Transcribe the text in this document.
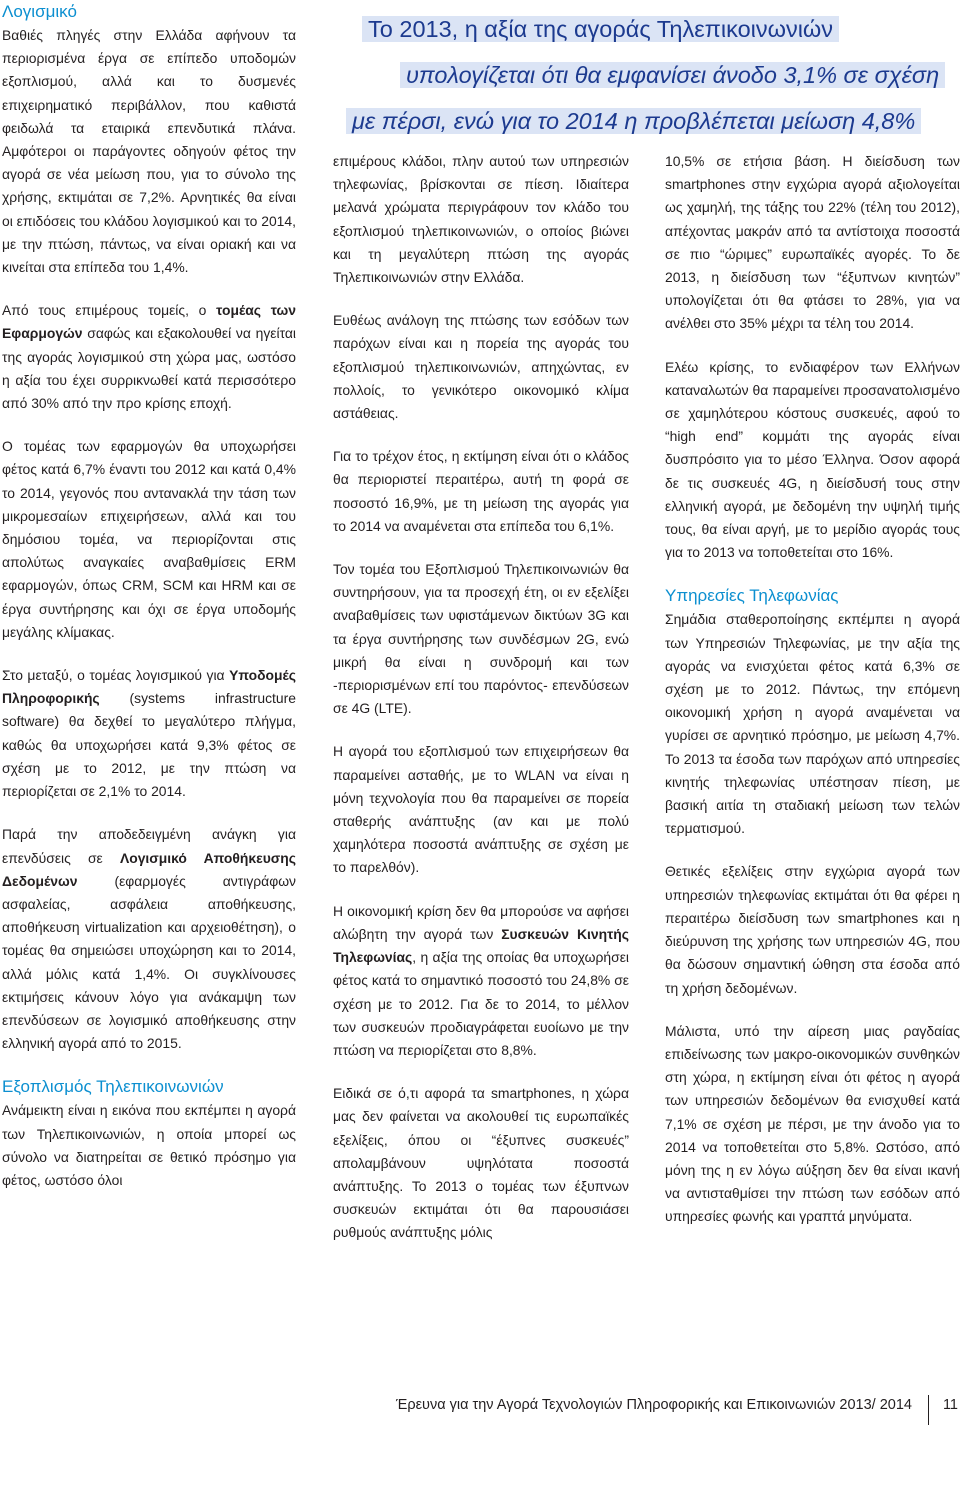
Το 2013, η αξία της αγοράς Τηλεπικοινωνιών
υπολογίζεται ότι θα εμφανίσει άνοδο 3,1% σε σχέση
με πέρσι, ενώ για το 2014 η προβλέπεται μείωση 4,8%
Λογισμικό

Βαθιές πληγές στην Ελλάδα αφήνουν τα περιορισμένα έργα σε επίπεδο υποδομών εξοπλισμού, αλλά και το δυσμενές επιχειρηματικό περιβάλλον, που καθιστά φειδωλά τα εταιρικά επενδυτικά πλάνα. Αμφότεροι οι παράγοντες οδηγούν φέτος την αγορά σε νέα μείωση που, για το σύνολο της χρήσης, εκτιμάται σε 7,2%. Αρνητικές θα είναι οι επιδόσεις του κλάδου λογισμικού και το 2014, με την πτώση, πάντως, να είναι οριακή και να κινείται στα επίπεδα του 1,4%.

Από τους επιμέρους τομείς, ο τομέας των Εφαρμογών σαφώς και εξακολουθεί να ηγείται της αγοράς λογισμικού στη χώρα μας, ωστόσο η αξία του έχει συρρικνωθεί κατά περισσότερο από 30% από την προ κρίσης εποχή.

Ο τομέας των εφαρμογών θα υποχωρήσει φέτος κατά 6,7% έναντι του 2012 και κατά 0,4% το 2014, γεγονός που αντανακλά την τάση των μικρομεσαίων επιχειρήσεων, αλλά και του δημόσιου τομέα, να περιορίζονται στις απολύτως αναγκαίες αναβαθμίσεις ERM εφαρμογών, όπως CRM, SCM και HRM και σε έργα συντήρησης και όχι σε έργα υποδομής μεγάλης κλίμακας.

Στο μεταξύ, ο τομέας λογισμικού για Υποδομές Πληροφορικής (systems infrastructure software) θα δεχθεί το μεγαλύτερο πλήγμα, καθώς θα υποχωρήσει κατά 9,3% φέτος σε σχέση με το 2012, με την πτώση να περιορίζεται σε 2,1% το 2014.

Παρά την αποδεδειγμένη ανάγκη για επενδύσεις σε Λογισμικό Αποθήκευσης Δεδομένων (εφαρμογές αντιγράφων ασφαλείας, ασφάλεια αποθήκευσης, αποθήκευση virtualization και αρχειοθέτηση), ο τομέας θα σημειώσει υποχώρηση και το 2014, αλλά μόλις κατά 1,4%. Οι συγκλίνουσες εκτιμήσεις κάνουν λόγο για ανάκαμψη των επενδύσεων σε λογισμικό αποθήκευσης στην ελληνική αγορά από το 2015.

Εξοπλισμός Τηλεπικοινωνιών

Ανάμεικτη είναι η εικόνα που εκπέμπει η αγορά των Τηλεπικοινωνιών, η οποία μπορεί ως σύνολο να διατηρείται σε θετικό πρόσημο για φέτος, ωστόσο όλοι

επιμέρους κλάδοι, πλην αυτού των υπηρεσιών τηλεφωνίας, βρίσκονται σε πίεση. Ιδιαίτερα μελανά χρώματα περιγράφουν τον κλάδο του εξοπλισμού τηλεπικοινωνιών, ο οποίος βιώνει και τη μεγαλύτερη πτώση της αγοράς Τηλεπικοινωνιών στην Ελλάδα.

Ευθέως ανάλογη της πτώσης των εσόδων των παρόχων είναι και η πορεία της αγοράς του εξοπλισμού τηλεπικοινωνιών, απηχώντας, εν πολλοίς, το γενικότερο οικονομικό κλίμα αστάθειας.

Για το τρέχον έτος, η εκτίμηση είναι ότι ο κλάδος θα περιοριστεί περαιτέρω, αυτή τη φορά σε ποσοστό 16,9%, με τη μείωση της αγοράς για το 2014 να αναμένεται στα επίπεδα του 6,1%.

Τον τομέα του Εξοπλισμού Τηλεπικοινωνιών θα συντηρήσουν, για τα προσεχή έτη, οι εν εξελίξει αναβαθμίσεις των υφιστάμενων δικτύων 3G και τα έργα συντήρησης των συνδέσμων 2G, ενώ μικρή θα είναι η συνδρομή και των -περιορισμένων επί του παρόντος- επενδύσεων σε 4G (LTE).

Η αγορά του εξοπλισμού των επιχειρήσεων θα παραμείνει ασταθής, με το WLAN να είναι η μόνη τεχνολογία που θα παραμείνει σε πορεία σταθερής ανάπτυξης (αν και με πολύ χαμηλότερα ποσοστά ανάπτυξης σε σχέση με το παρελθόν).

Η οικονομική κρίση δεν θα μπορούσε να αφήσει αλώβητη την αγορά των Συσκευών Κινητής Τηλεφωνίας, η αξία της οποίας θα υποχωρήσει φέτος κατά το σημαντικό ποσοστό του 24,8% σε σχέση με το 2012. Για δε το 2014, το μέλλον των συσκευών προδιαγράφεται ευοίωνο με την πτώση να περιορίζεται στο 8,8%.

Ειδικά σε ό,τι αφορά τα smartphones, η χώρα μας δεν φαίνεται να ακολουθεί τις ευρωπαϊκές εξελίξεις, όπου οι “έξυπνες συσκευές” απολαμβάνουν υψηλότατα ποσοστά ανάπτυξης. Το 2013 ο τομέας των έξυπνων συσκευών εκτιμάται ότι θα παρουσιάσει ρυθμούς ανάπτυξης μόλις

10,5% σε ετήσια βάση. Η διείσδυση των smartphones στην εγχώρια αγορά αξιολογείται ως χαμηλή, της τάξης του 22% (τέλη του 2012), απέχοντας μακράν από τα αντίστοιχα ποσοστά σε πιο “ώριμες” ευρωπαϊκές αγορές. Το δε 2013, η διείσδυση των “έξυπνων κινητών” υπολογίζεται ότι θα φτάσει το 28%, για να ανέλθει στο 35% μέχρι τα τέλη του 2014.

Ελέω κρίσης, το ενδιαφέρον των Ελλήνων καταναλωτών θα παραμείνει προσανατολισμένο σε χαμηλότερου κόστους συσκευές, αφού το “high end” κομμάτι της αγοράς είναι δυσπρόσιτο για το μέσο Έλληνα. Όσον αφορά δε τις συσκευές 4G, η διείσδυσή τους στην ελληνική αγορά, με δεδομένη την υψηλή τιμής τους, θα είναι αργή, με το μερίδιο αγοράς τους για το 2013 να τοποθετείται στο 16%.

Υπηρεσίες Τηλεφωνίας

Σημάδια σταθεροποίησης εκπέμπει η αγορά των Υπηρεσιών Τηλεφωνίας, με την αξία της αγοράς να ενισχύεται φέτος κατά 6,3% σε σχέση με το 2012. Πάντως, την επόμενη οικονομική χρήση η αγορά αναμένεται να γυρίσει σε αρνητικό πρόσημο, με μείωση 4,7%. Το 2013 τα έσοδα των παρόχων από υπηρεσίες κινητής τηλεφωνίας υπέστησαν πίεση, με βασική αιτία τη σταδιακή μείωση των τελών τερματισμού.

Θετικές εξελίξεις στην εγχώρια αγορά των υπηρεσιών τηλεφωνίας εκτιμάται ότι θα φέρει η περαιτέρω διείσδυση των smartphones και η διεύρυνση της χρήσης των υπηρεσιών 4G, που θα δώσουν σημαντική ώθηση στα έσοδα από τη χρήση δεδομένων.

Μάλιστα, υπό την αίρεση μιας ραγδαίας επιδείνωσης των μακρο-οικονομικών συνθηκών στη χώρα, η εκτίμηση είναι ότι φέτος η αγορά των υπηρεσιών δεδομένων θα ενισχυθεί κατά 7,1% σε σχέση με πέρσι, με την άνοδο για το 2014 να τοποθετείται στο 5,8%. Ωστόσο, από μόνη της η εν λόγω αύξηση δεν θα είναι ικανή να αντισταθμίσει την πτώση των εσόδων από υπηρεσίες φωνής και γραπτά μηνύματα.

Έρευνα για την Αγορά Τεχνολογιών Πληροφορικής και Επικοινωνιών 2013/ 2014 11
